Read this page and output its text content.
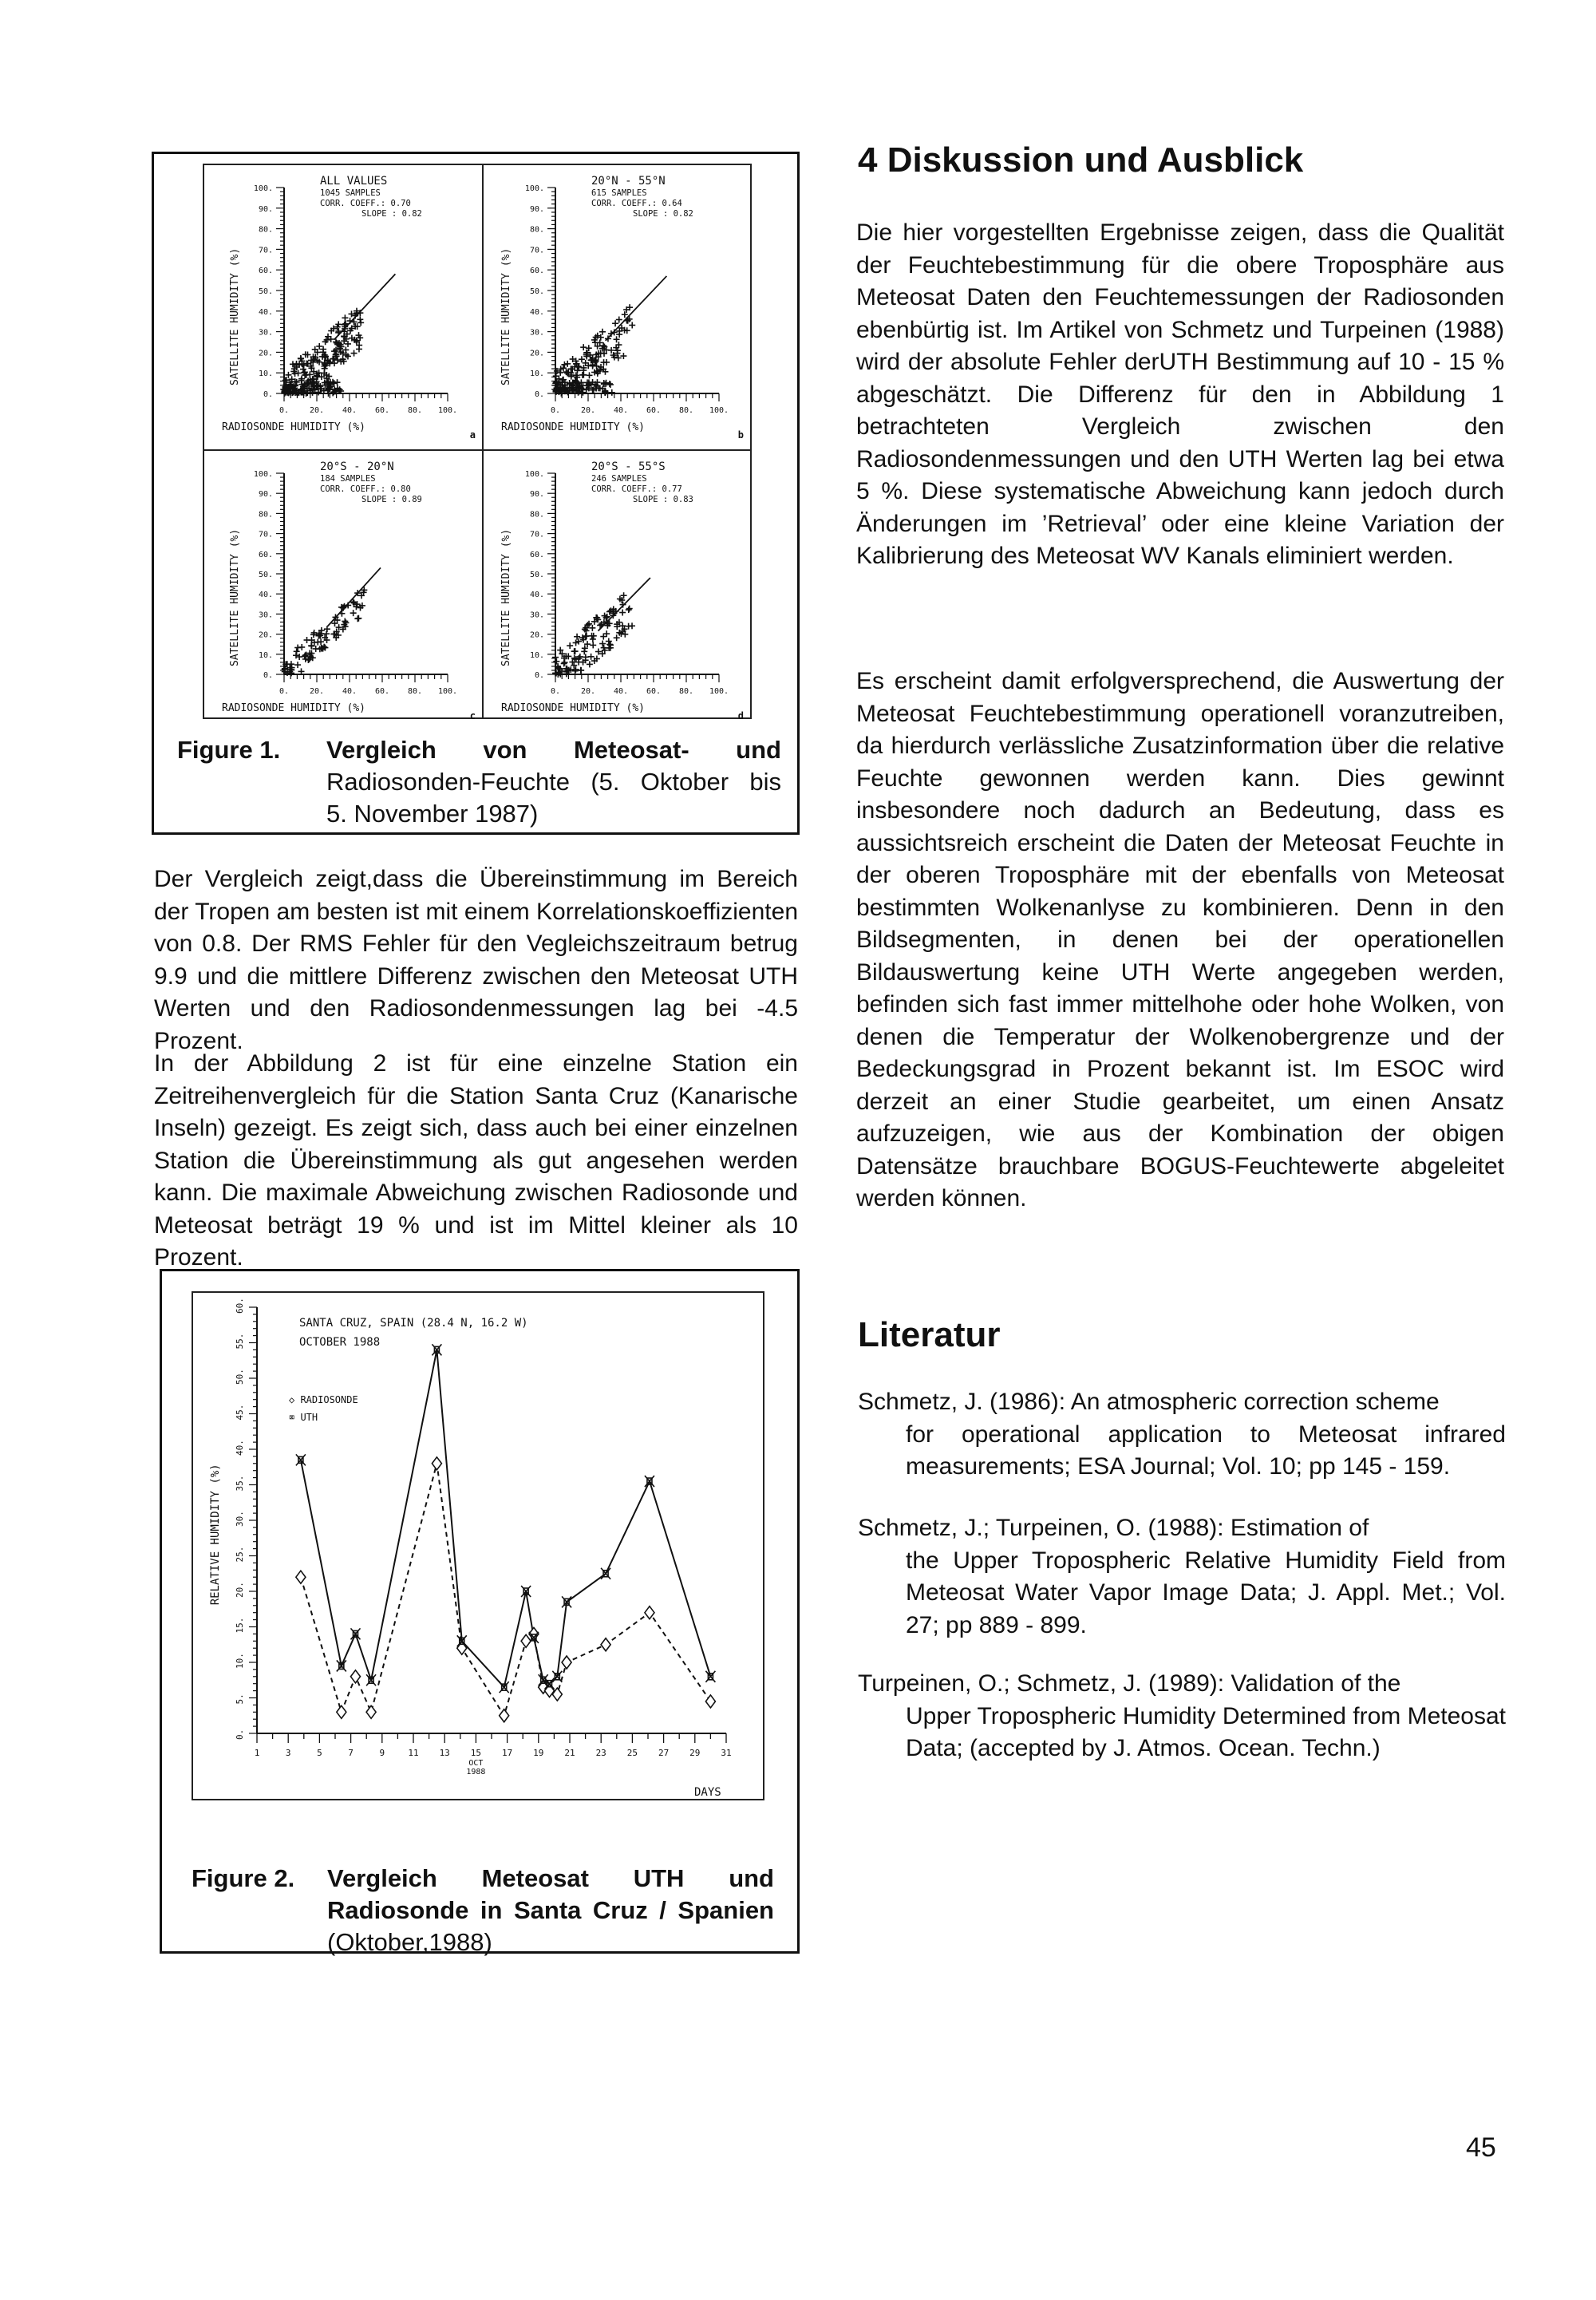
0.
10.
20.
30.
40.
50.
60.
70.
80.
90.
100.
0.	20. 40. 60. 80. 100.
RADIOSONDE HUMIDITY (%)
SATELLITE HUMIDITY (%)
ALL VALUES
1045 SAMPLES
CORR. COEFF.: 0.70
SLOPE : 0.82
a
0.
10.
20.
30.
40.
50.
60.
70.
80.
90.
100.
0.	20. 40. 60. 80. 100.
RADIOSONDE HUMIDITY (%)
SATELLITE HUMIDITY (%)
20°N - 55°N
615 SAMPLES
CORR. COEFF.: 0.64
SLOPE : 0.82
b
0.
10.
20.
30.
40.
50.
60.
70.
80.
90.
100.
0.	20. 40. 60. 80. 100.
RADIOSONDE HUMIDITY (%)
SATELLITE HUMIDITY (%)
20°S - 20°N
184 SAMPLES
CORR. COEFF.: 0.80
SLOPE : 0.89
c
0.
10.
20.
30.
40.
50.
60.
70.
80.
90.
100.
0.	20. 40. 60. 80. 100.
RADIOSONDE HUMIDITY (%)
SATELLITE HUMIDITY (%)
20°S - 55°S
246 SAMPLES
CORR. COEFF.: 0.77
SLOPE : 0.83
d
Figure 1. Vergleich von Meteosat- und
Radiosonden-Feuchte (5. Oktober bis
5. November 1987)
Der Vergleich zeigt,dass die Übereinstimmung im Bereich der Tropen am besten ist mit einem Korrelationskoeffizienten von 0.8. Der RMS Fehler für den Vegleichszeitraum betrug 9.9 und die mittlere Differenz zwischen den Meteosat UTH Werten und den Radiosondenmessungen lag bei -4.5 Prozent.
In der Abbildung 2 ist für eine einzelne Station ein Zeitreihenvergleich für die Station Santa Cruz (Kanarische Inseln) gezeigt. Es zeigt sich, dass auch bei einer einzelnen Station die Übereinstimmung als gut angesehen werden kann. Die maximale Abweichung zwischen Radiosonde und Meteosat beträgt 19 % und ist im Mittel kleiner als 10 Prozent.
0.
5.
10.
15.
20.
25.
30.
35.
40.
45.
50.
55.
60.
1	3	5	7	9	11 13 15 17 19 21 23 25 27 29 31
OCT
1988
DAYS
RELATIVE HUMIDITY (%)
SANTA CRUZ, SPAIN (28.4 N, 16.2 W)
OCTOBER 1988
◇ RADIOSONDE
⌧ UTH
Figure 2. Vergleich Meteosat UTH und
Radiosonde in Santa Cruz / Spanien
(Oktober,1988)
4 Diskussion und Ausblick
Die hier vorgestellten Ergebnisse zeigen, dass die Qualität der Feuchtebestimmung für die obere Troposphäre aus Meteosat Daten den Feuchtemessungen der Radiosonden ebenbürtig ist. Im Artikel von Schmetz und Turpeinen (1988) wird der absolute Fehler derUTH Bestimmung auf 10 - 15 % abgeschätzt. Die Differenz für den in Abbildung 1 betrachteten Vergleich zwischen den Radiosondenmessungen und den UTH Werten lag bei etwa 5 %. Diese systematische Abweichung kann jedoch durch Änderungen im ’Retrieval’ oder eine kleine Variation der Kalibrierung des Meteosat WV Kanals eliminiert werden.
Es erscheint damit erfolgversprechend, die Auswertung der Meteosat Feuchtebestimmung operationell voranzutreiben, da hierdurch verlässliche Zusatzinformation über die relative Feuchte gewonnen werden kann. Dies gewinnt insbesondere noch dadurch an Bedeutung, dass es aussichtsreich erscheint die Daten der Meteosat Feuchte in der oberen Troposphäre mit der ebenfalls von Meteosat bestimmten Wolkenanlyse zu kombinieren. Denn in den Bildsegmenten, in denen bei der operationellen Bildauswertung keine UTH Werte angegeben werden, befinden sich fast immer mittelhohe oder hohe Wolken, von denen die Temperatur der Wolkenobergrenze und der Bedeckungsgrad in Prozent bekannt ist. Im ESOC wird derzeit an einer Studie gearbeitet, um einen Ansatz aufzuzeigen, wie aus der Kombination der obigen Datensätze brauchbare BOGUS-Feuchtewerte abgeleitet werden können.
Literatur
Schmetz, J. (1986): An atmospheric correction scheme
for operational application to Meteosat infrared measurements; ESA Journal; Vol. 10; pp 145 - 159.
Schmetz, J.; Turpeinen, O. (1988): Estimation of
the Upper Tropospheric Relative Humidity Field from Meteosat Water Vapor Image Data; J. Appl. Met.; Vol. 27; pp 889 - 899.
Turpeinen, O.; Schmetz, J. (1989): Validation of the
Upper Tropospheric Humidity Determined from Meteosat Data; (accepted by J. Atmos. Ocean. Techn.)
45
